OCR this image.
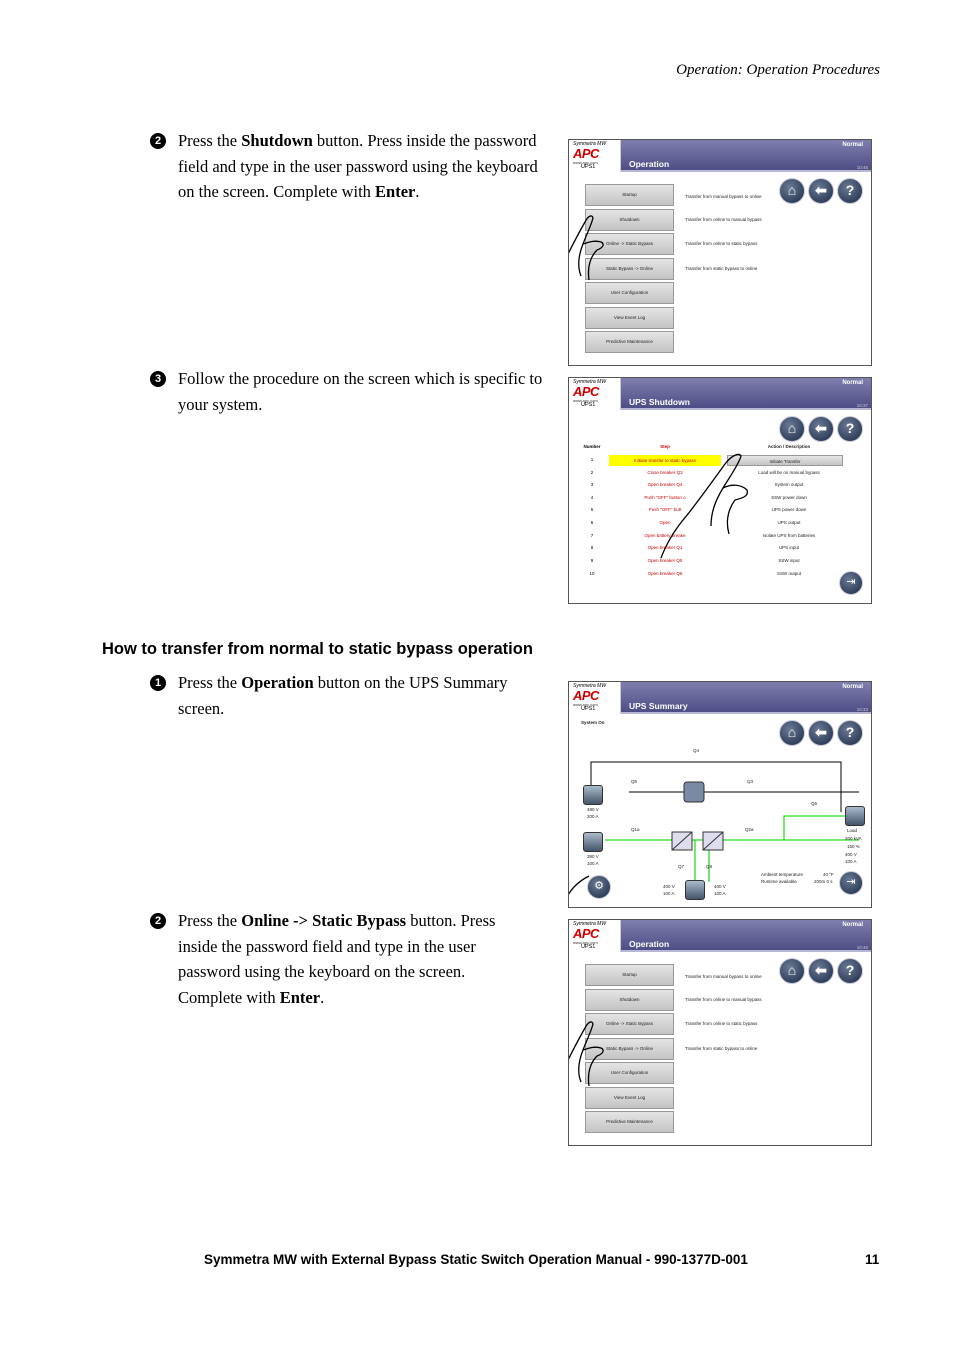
Operation: Operation Procedures
2 Press the Shutdown button. Press inside the password field and type in the user password using the keyboard on the screen. Complete with Enter.
3 Follow the procedure on the screen which is specific to your system.
How to transfer from normal to static bypass operation
1 Press the Operation button on the UPS Summary screen.
2 Press the Online -> Static Bypass button. Press inside the password field and type in the user password using the keyboard on the screen. Complete with Enter.
Symmetra MW
APC
www.apc.com
UPS1	Operation
Normal
10:46
⌂ ⬅ ?
Startup
Shutdown
Online -> Static Bypass
Static Bypass -> Online
User Configuration
View Event Log
Predictive Maintenance
Transfer from manual bypass to online
Transfer from online to manual bypass
Transfer from online to static bypass
Transfer from static bypass to online
Symmetra MW
APC
www.apc.com
UPS1	UPS Shutdown
Normal
10:37
⌂ ⬅ ?
Number	Step	Action / Description
1	Initiate transfer to static bypass	Initiate Transfer
2	Close breaker Q3	Load will be on manual bypass
3	Open breaker Q4	System output
4	Push "OFF" button o	SSW power down
5	Push "OFF" butt	UPS power down
6	Open	UPS output
7	Open battery breake	Isolate UPS from batteries
8	Open breaker Q1	UPS input
9	Open breaker Q5	SSW input
10	Open breaker Q6	SSW output
⇥
Symmetra MW
APC
www.apc.com
UPS1	UPS Summary
Normal
10:33
System On
⌂ ⬅ ?
Q4
Q5	Q3
Q6
Q1a	Q2a
Q7	Q8
480 V
200 A
380 V
100 A
400 V
100 A
400 V
100 A
Load
200 kVA
150 %
400 V
100 A
Ambient temperature	40 °F
Runtime available	200m 0 s
⚙	⇥
Symmetra MW
APC
www.apc.com
UPS1	Operation
Normal
10:46
⌂ ⬅ ?
Startup
Shutdown
Online -> Static Bypass
Static Bypass -> Online
User Configuration
View Event Log
Predictive Maintenance
Transfer from manual bypass to online
Transfer from online to manual bypass
Transfer from online to static bypass
Transfer from static bypass to online
Symmetra MW with External Bypass Static Switch Operation Manual - 990-1377D-001	11
